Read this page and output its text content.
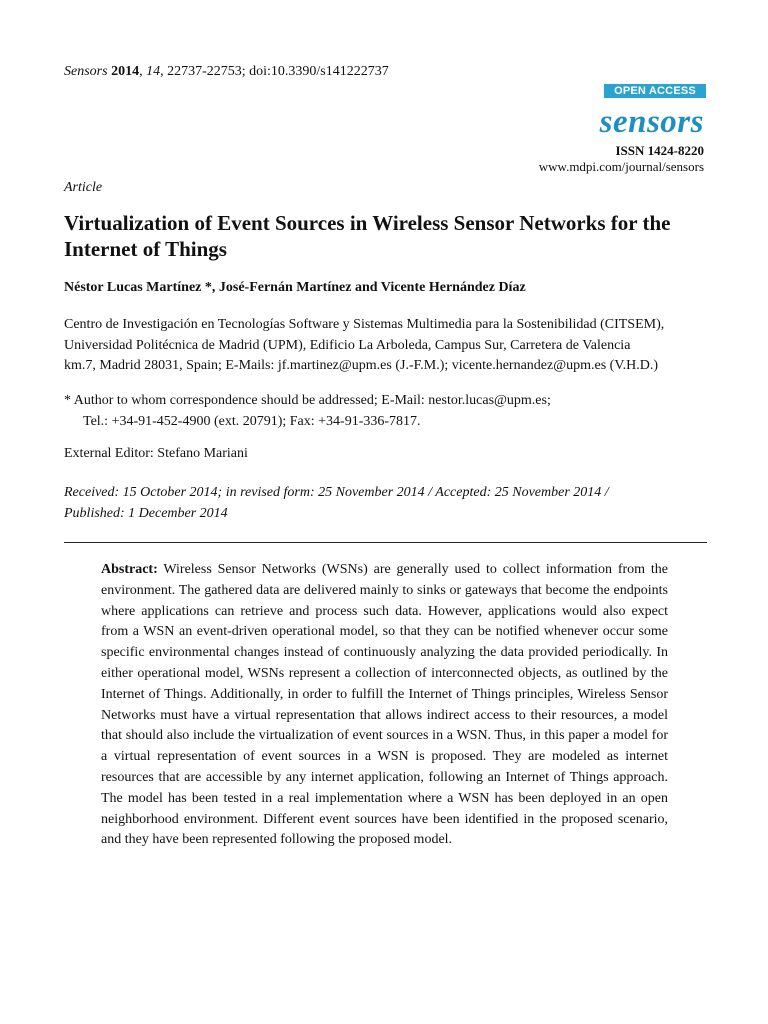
Sensors 2014, 14, 22737-22753; doi:10.3390/s141222737
OPEN ACCESS
sensors
ISSN 1424-8220
www.mdpi.com/journal/sensors
Article
Virtualization of Event Sources in Wireless Sensor Networks for the Internet of Things
Néstor Lucas Martínez *, José-Fernán Martínez and Vicente Hernández Díaz
Centro de Investigación en Tecnologías Software y Sistemas Multimedia para la Sostenibilidad (CITSEM),
Universidad Politécnica de Madrid (UPM), Edificio La Arboleda, Campus Sur, Carretera de Valencia
km.7, Madrid 28031, Spain; E-Mails: jf.martinez@upm.es (J.-F.M.); vicente.hernandez@upm.es (V.H.D.)
* Author to whom correspondence should be addressed; E-Mail: nestor.lucas@upm.es;
Tel.: +34-91-452-4900 (ext. 20791); Fax: +34-91-336-7817.
External Editor: Stefano Mariani
Received: 15 October 2014; in revised form: 25 November 2014 / Accepted: 25 November 2014 /
Published: 1 December 2014
Abstract: Wireless Sensor Networks (WSNs) are generally used to collect information from the environment. The gathered data are delivered mainly to sinks or gateways that become the endpoints where applications can retrieve and process such data. However, applications would also expect from a WSN an event-driven operational model, so that they can be notified whenever occur some specific environmental changes instead of continuously analyzing the data provided periodically. In either operational model, WSNs represent a collection of interconnected objects, as outlined by the Internet of Things. Additionally, in order to fulfill the Internet of Things principles, Wireless Sensor Networks must have a virtual representation that allows indirect access to their resources, a model that should also include the virtualization of event sources in a WSN. Thus, in this paper a model for a virtual representation of event sources in a WSN is proposed. They are modeled as internet resources that are accessible by any internet application, following an Internet of Things approach. The model has been tested in a real implementation where a WSN has been deployed in an open neighborhood environment. Different event sources have been identified in the proposed scenario, and they have been represented following the proposed model.
